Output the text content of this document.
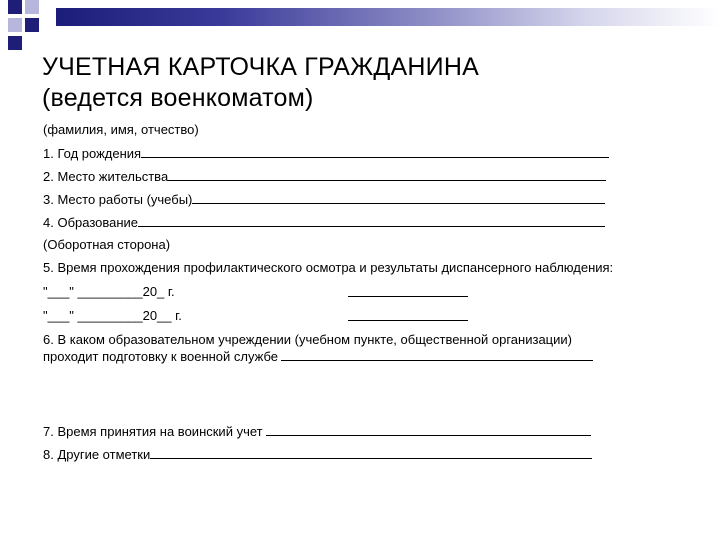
УЧЕТНАЯ КАРТОЧКА ГРАЖДАНИНА
(ведется военкоматом)
(фамилия, имя, отчество)
1. Год рождения
2. Место жительства
3. Место работы (учебы)
4. Образование
(Оборотная сторона)
5. Время прохождения профилактического осмотра и результаты диспансерного наблюдения:
"___" _________20_ г.
"___" _________20__ г.
6. В каком образовательном учреждении (учебном пункте, общественной организации)
проходит подготовку к военной службе
7. Время принятия на воинский учет
8. Другие отметки
